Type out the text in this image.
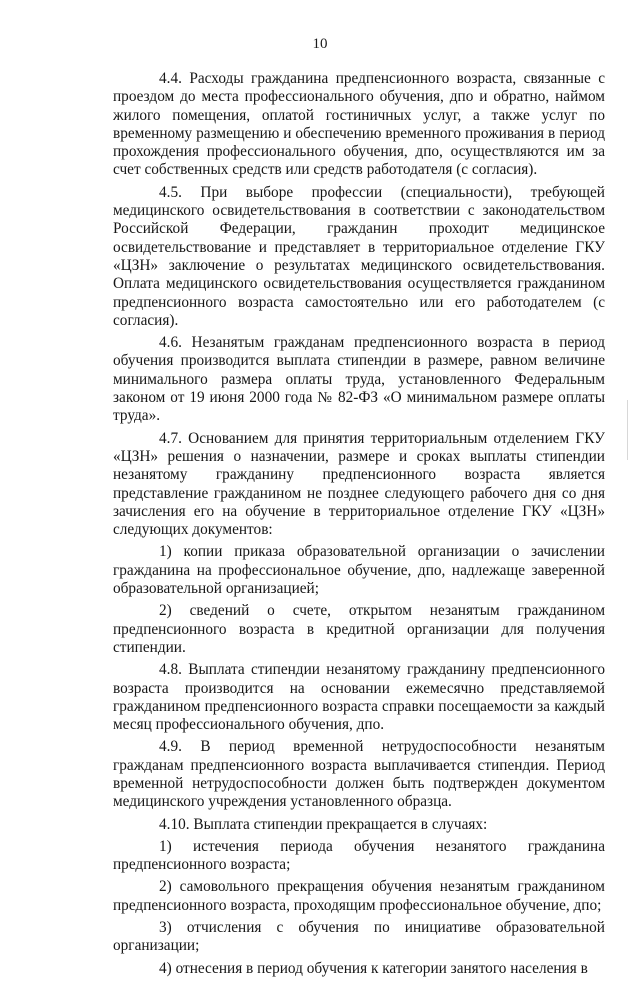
10

4.4. Расходы гражданина предпенсионного возраста, связанные с проездом до места профессионального обучения, дпо и обратно, наймом жилого помещения, оплатой гостиничных услуг, а также услуг по временному размещению и обеспечению временного проживания в период прохождения профессионального обучения, дпо, осуществляются им за счет собственных средств или средств работодателя (с согласия).

4.5. При выборе профессии (специальности), требующей медицинского освидетельствования в соответствии с законодательством Российской Федерации, гражданин проходит медицинское освидетельствование и представляет в территориальное отделение ГКУ «ЦЗН» заключение о результатах медицинского освидетельствования. Оплата медицинского освидетельствования осуществляется гражданином предпенсионного возраста самостоятельно или его работодателем (с согласия).

4.6. Незанятым гражданам предпенсионного возраста в период обучения производится выплата стипендии в размере, равном величине минимального размера оплаты труда, установленного Федеральным законом от 19 июня 2000 года № 82-ФЗ «О минимальном размере оплаты труда».

4.7. Основанием для принятия территориальным отделением ГКУ «ЦЗН» решения о назначении, размере и сроках выплаты стипендии незанятому гражданину предпенсионного возраста является представление гражданином не позднее следующего рабочего дня со дня зачисления его на обучение в территориальное отделение ГКУ «ЦЗН» следующих документов:

1) копии приказа образовательной организации о зачислении гражданина на профессиональное обучение, дпо, надлежаще заверенной образовательной организацией;

2) сведений о счете, открытом незанятым гражданином предпенсионного возраста в кредитной организации для получения стипендии.

4.8. Выплата стипендии незанятому гражданину предпенсионного возраста производится на основании ежемесячно представляемой гражданином предпенсионного возраста справки посещаемости за каждый месяц профессионального обучения, дпо.

4.9. В период временной нетрудоспособности незанятым гражданам предпенсионного возраста выплачивается стипендия. Период временной нетрудоспособности должен быть подтвержден документом медицинского учреждения установленного образца.

4.10. Выплата стипендии прекращается в случаях:

1) истечения периода обучения незанятого гражданина предпенсионного возраста;

2) самовольного прекращения обучения незанятым гражданином предпенсионного возраста, проходящим профессиональное обучение, дпо;

3) отчисления с обучения по инициативе образовательной организации;

4) отнесения в период обучения к категории занятого населения в
